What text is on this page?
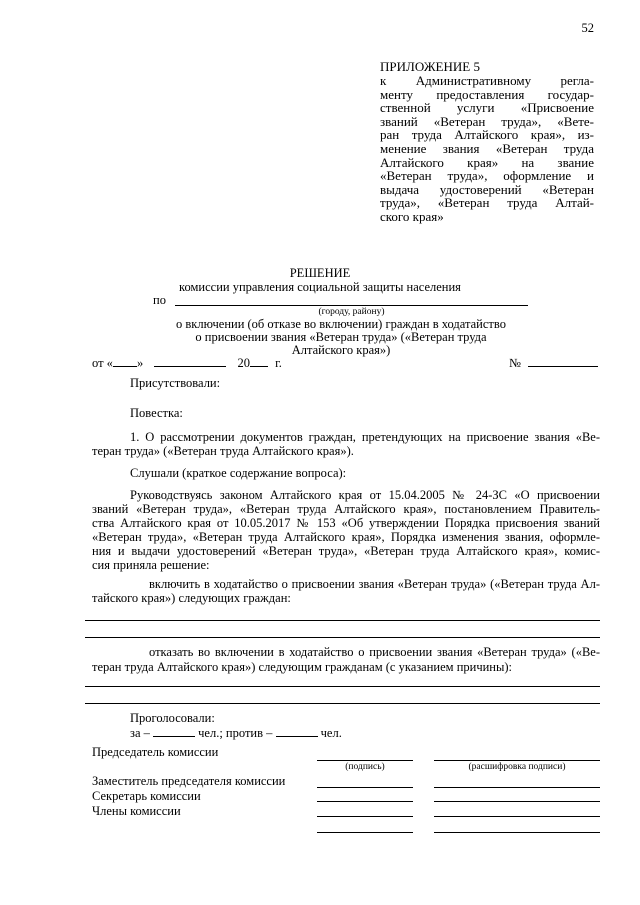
52
ПРИЛОЖЕНИЕ 5
к Административному регла-
менту предоставления государ-
ственной услуги «Присвоение
званий «Ветеран труда», «Вете-
ран труда Алтайского края», из-
менение звания «Ветеран труда
Алтайского края» на звание
«Ветеран труда», оформление и
выдача удостоверений «Ветеран
труда», «Ветеран труда Алтай-
ского края»
РЕШЕНИЕ
комиссии управления социальной защиты населения
по
(городу, району)
о включении (об отказе во включении) граждан в ходатайство
о присвоении звания «Ветеран труда» («Ветеран труда
Алтайского края»)
от « »	20 г.	№
Присутствовали:
Повестка:
1. О рассмотрении документов граждан, претендующих на присвоение звания «Ве-
теран труда» («Ветеран труда Алтайского края»).
Слушали (краткое содержание вопроса):
Руководствуясь законом Алтайского края от 15.04.2005 № 24-ЗС «О присвоении
званий «Ветеран труда», «Ветеран труда Алтайского края», постановлением Правитель-
ства Алтайского края от 10.05.2017 № 153 «Об утверждении Порядка присвоения званий
«Ветеран труда», «Ветеран труда Алтайского края», Порядка изменения звания, оформле-
ния и выдачи удостоверений «Ветеран труда», «Ветеран труда Алтайского края», комис-
сия приняла решение:
включить в ходатайство о присвоении звания «Ветеран труда» («Ветеран труда Ал-
тайского края») следующих граждан:
отказать во включении в ходатайство о присвоении звания «Ветеран труда» («Ве-
теран труда Алтайского края») следующим гражданам (с указанием причины):
Проголосовали:
за –	чел.; против –	чел.
Председатель комиссии
(подпись)	(расшифровка подписи)
Заместитель председателя комиссии
Секретарь комиссии
Члены комиссии
